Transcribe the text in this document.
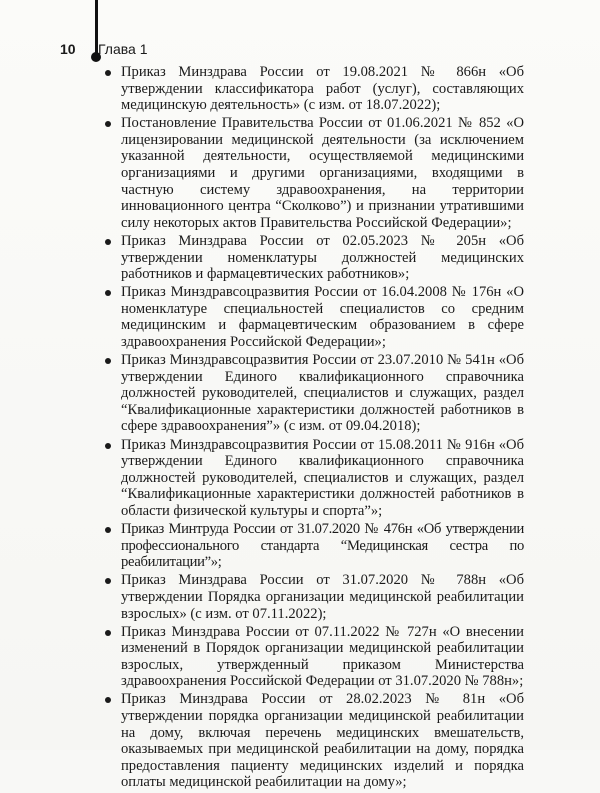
10 Глава 1
Приказ Минздрава России от 19.08.2021 № 866н «Об утверждении классификатора работ (услуг), составляющих медицинскую деятельность» (с изм. от 18.07.2022);
Постановление Правительства России от 01.06.2021 № 852 «О лицензировании медицинской деятельности (за исключением указанной деятельности, осуществляемой медицинскими организациями и другими организациями, входящими в частную систему здравоохранения, на территории инновационного центра “Сколково”) и признании утратившими силу некоторых актов Правительства Российской Федерации»;
Приказ Минздрава России от 02.05.2023 № 205н «Об утверждении номенклатуры должностей медицинских работников и фармацевтических работников»;
Приказ Минздравсоцразвития России от 16.04.2008 № 176н «О номенклатуре специальностей специалистов со средним медицинским и фармацевтическим образованием в сфере здравоохранения Российской Федерации»;
Приказ Минздравсоцразвития России от 23.07.2010 № 541н «Об утверждении Единого квалификационного справочника должностей руководителей, специалистов и служащих, раздел “Квалификационные характеристики должностей работников в сфере здравоохранения”» (с изм. от 09.04.2018);
Приказ Минздравсоцразвития России от 15.08.2011 № 916н «Об утверждении Единого квалификационного справочника должностей руководителей, специалистов и служащих, раздел “Квалификационные характеристики должностей работников в области физической культуры и спорта”»;
Приказ Минтруда России от 31.07.2020 № 476н «Об утверждении профессионального стандарта “Медицинская сестра по реабилитации”»;
Приказ Минздрава России от 31.07.2020 № 788н «Об утверждении Порядка организации медицинской реабилитации взрослых» (с изм. от 07.11.2022);
Приказ Минздрава России от 07.11.2022 № 727н «О внесении изменений в Порядок организации медицинской реабилитации взрослых, утвержденный приказом Министерства здравоохранения Российской Федерации от 31.07.2020 № 788н»;
Приказ Минздрава России от 28.02.2023 № 81н «Об утверждении порядка организации медицинской реабилитации на дому, включая перечень медицинских вмешательств, оказываемых при медицинской реабилитации на дому, порядка предоставления пациенту медицинских изделий и порядка оплаты медицинской реабилитации на дому»;
